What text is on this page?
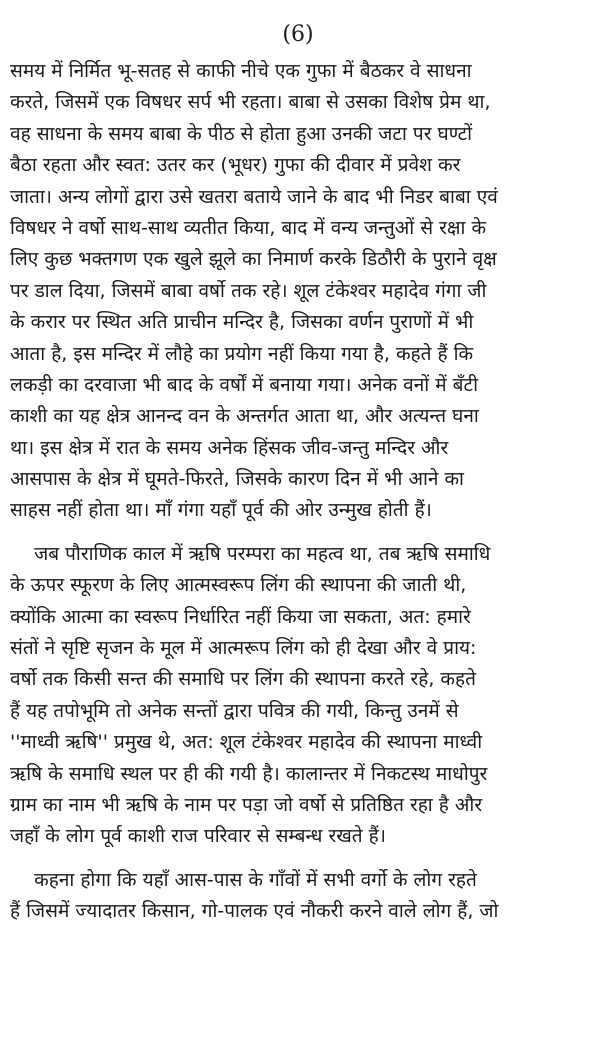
(6)
समय में निर्मित भू-सतह से काफी नीचे एक गुफा में बैठकर वे साधना
करते, जिसमें एक विषधर सर्प भी रहता। बाबा से उसका विशेष प्रेम था,
वह साधना के समय बाबा के पीठ से होता हुआ उनकी जटा पर घण्टों
बैठा रहता और स्वत: उतर कर (भूधर) गुफा की दीवार में प्रवेश कर
जाता। अन्य लोगों द्वारा उसे खतरा बताये जाने के बाद भी निडर बाबा एवं
विषधर ने वर्षो साथ-साथ व्यतीत किया, बाद में वन्य जन्तुओं से रक्षा के
लिए कुछ भक्तगण एक खुले झूले का निमार्ण करके डिठौरी के पुराने वृक्ष
पर डाल दिया, जिसमें बाबा वर्षो तक रहे। शूल टंकेश्वर महादेव गंगा जी
के करार पर स्थित अति प्राचीन मन्दिर है, जिसका वर्णन पुराणों में भी
आता है, इस मन्दिर में लौहे का प्रयोग नहीं किया गया है, कहते हैं कि
लकड़ी का दरवाजा भी बाद के वर्षों में बनाया गया। अनेक वनों में बँटी
काशी का यह क्षेत्र आनन्द वन के अन्तर्गत आता था, और अत्यन्त घना
था। इस क्षेत्र में रात के समय अनेक हिंसक जीव-जन्तु मन्दिर और
आसपास के क्षेत्र में घूमते-फिरते, जिसके कारण दिन में भी आने का
साहस नहीं होता था। माँ गंगा यहाँ पूर्व की ओर उन्मुख होती हैं।
जब पौराणिक काल में ऋषि परम्परा का महत्व था, तब ऋषि समाधि
के ऊपर स्फूरण के लिए आत्मस्वरूप लिंग की स्थापना की जाती थी,
क्योंकि आत्मा का स्वरूप निर्धारित नहीं किया जा सकता, अत: हमारे
संतों ने सृष्टि सृजन के मूल में आत्मरूप लिंग को ही देखा और वे प्राय:
वर्षो तक किसी सन्त की समाधि पर लिंग की स्थापना करते रहे, कहते
हैं यह तपोभूमि तो अनेक सन्तों द्वारा पवित्र की गयी, किन्तु उनमें से
''माध्वी ऋषि'' प्रमुख थे, अत: शूल टंकेश्वर महादेव की स्थापना माध्वी
ऋषि के समाधि स्थल पर ही की गयी है। कालान्तर में निकटस्थ माधोपुर
ग्राम का नाम भी ऋषि के नाम पर पड़ा जो वर्षो से प्रतिष्ठित रहा है और
जहाँ के लोग पूर्व काशी राज परिवार से सम्बन्ध रखते हैं।
कहना होगा कि यहाँ आस-पास के गाँवों में सभी वर्गो के लोग रहते
हैं जिसमें ज्यादातर किसान, गो-पालक एवं नौकरी करने वाले लोग हैं, जो
